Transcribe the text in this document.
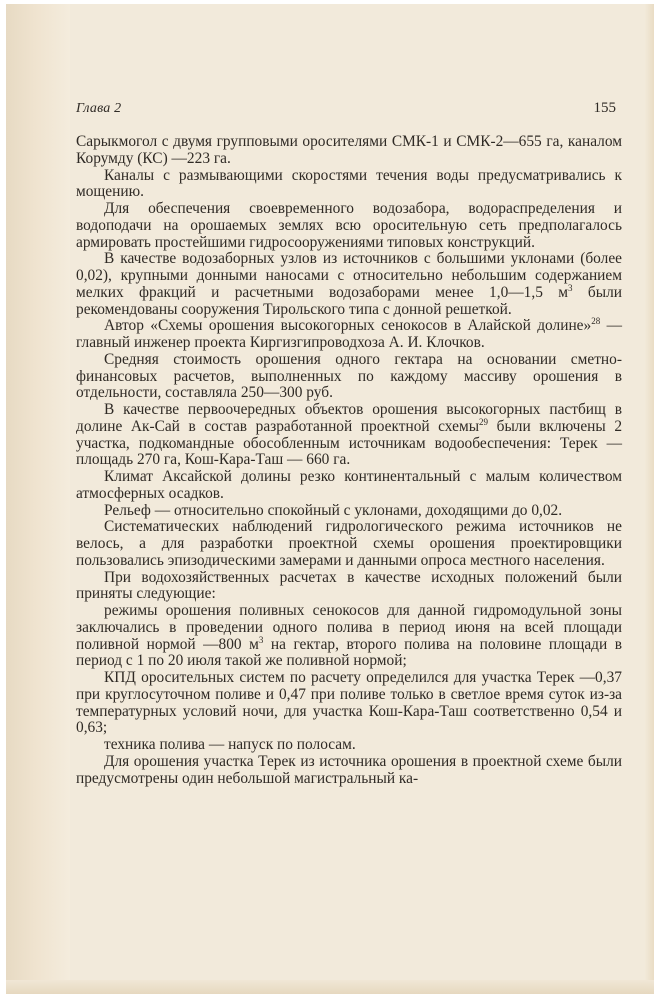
Глава 2	155

Сарыкмогол с двумя групповыми оросителями СМК-1 и СМК-2—655 га, каналом Корумду (КС) —223 га.

Каналы с размывающими скоростями течения воды предусматривались к мощению.

Для обеспечения своевременного водозабора, водораспределения и водоподачи на орошаемых землях всю оросительную сеть предполагалось армировать простейшими гидросооружениями типовых конструкций.

В качестве водозаборных узлов из источников с большими уклонами (более 0,02), крупными донными наносами с относительно небольшим содержанием мелких фракций и расчетными водозаборами менее 1,0—1,5 $м^3$ были рекомендованы сооружения Тирольского типа с донной решеткой.

Автор «Схемы орошения высокогорных сенокосов в Алайской долине»$^{28}$ — главный инженер проекта Киргизгипроводхоза А. И. Клочков.

Средняя стоимость орошения одного гектара на основании сметно-финансовых расчетов, выполненных по каждому массиву орошения в отдельности, составляла 250—300 руб.

В качестве первоочередных объектов орошения высокогорных пастбищ в долине Ак-Сай в состав разработанной проектной схемы$^{29}$ были включены 2 участка, подкомандные обособленным источникам водообеспечения: Терек — площадь 270 га, Кош-Кара-Таш — 660 га.

Климат Аксайской долины резко континентальный с малым количеством атмосферных осадков.

Рельеф — относительно спокойный с уклонами, доходящими до 0,02.

Систематических наблюдений гидрологического режима источников не велось, а для разработки проектной схемы орошения проектировщики пользовались эпизодическими замерами и данными опроса местного населения.

При водохозяйственных расчетах в качестве исходных положений были приняты следующие:

режимы орошения поливных сенокосов для данной гидромодульной зоны заключались в проведении одного полива в период июня на всей площади поливной нормой —800 $м^3$ на гектар, второго полива на половине площади в период с 1 по 20 июля такой же поливной нормой;

КПД оросительных систем по расчету определился для участка Терек —0,37 при круглосуточном поливе и 0,47 при поливе только в светлое время суток из-за температурных условий ночи, для участка Кош-Кара-Таш соответственно 0,54 и 0,63;

техника полива — напуск по полосам.

Для орошения участка Терек из источника орошения в проектной схеме были предусмотрены один небольшой магистральный ка-
